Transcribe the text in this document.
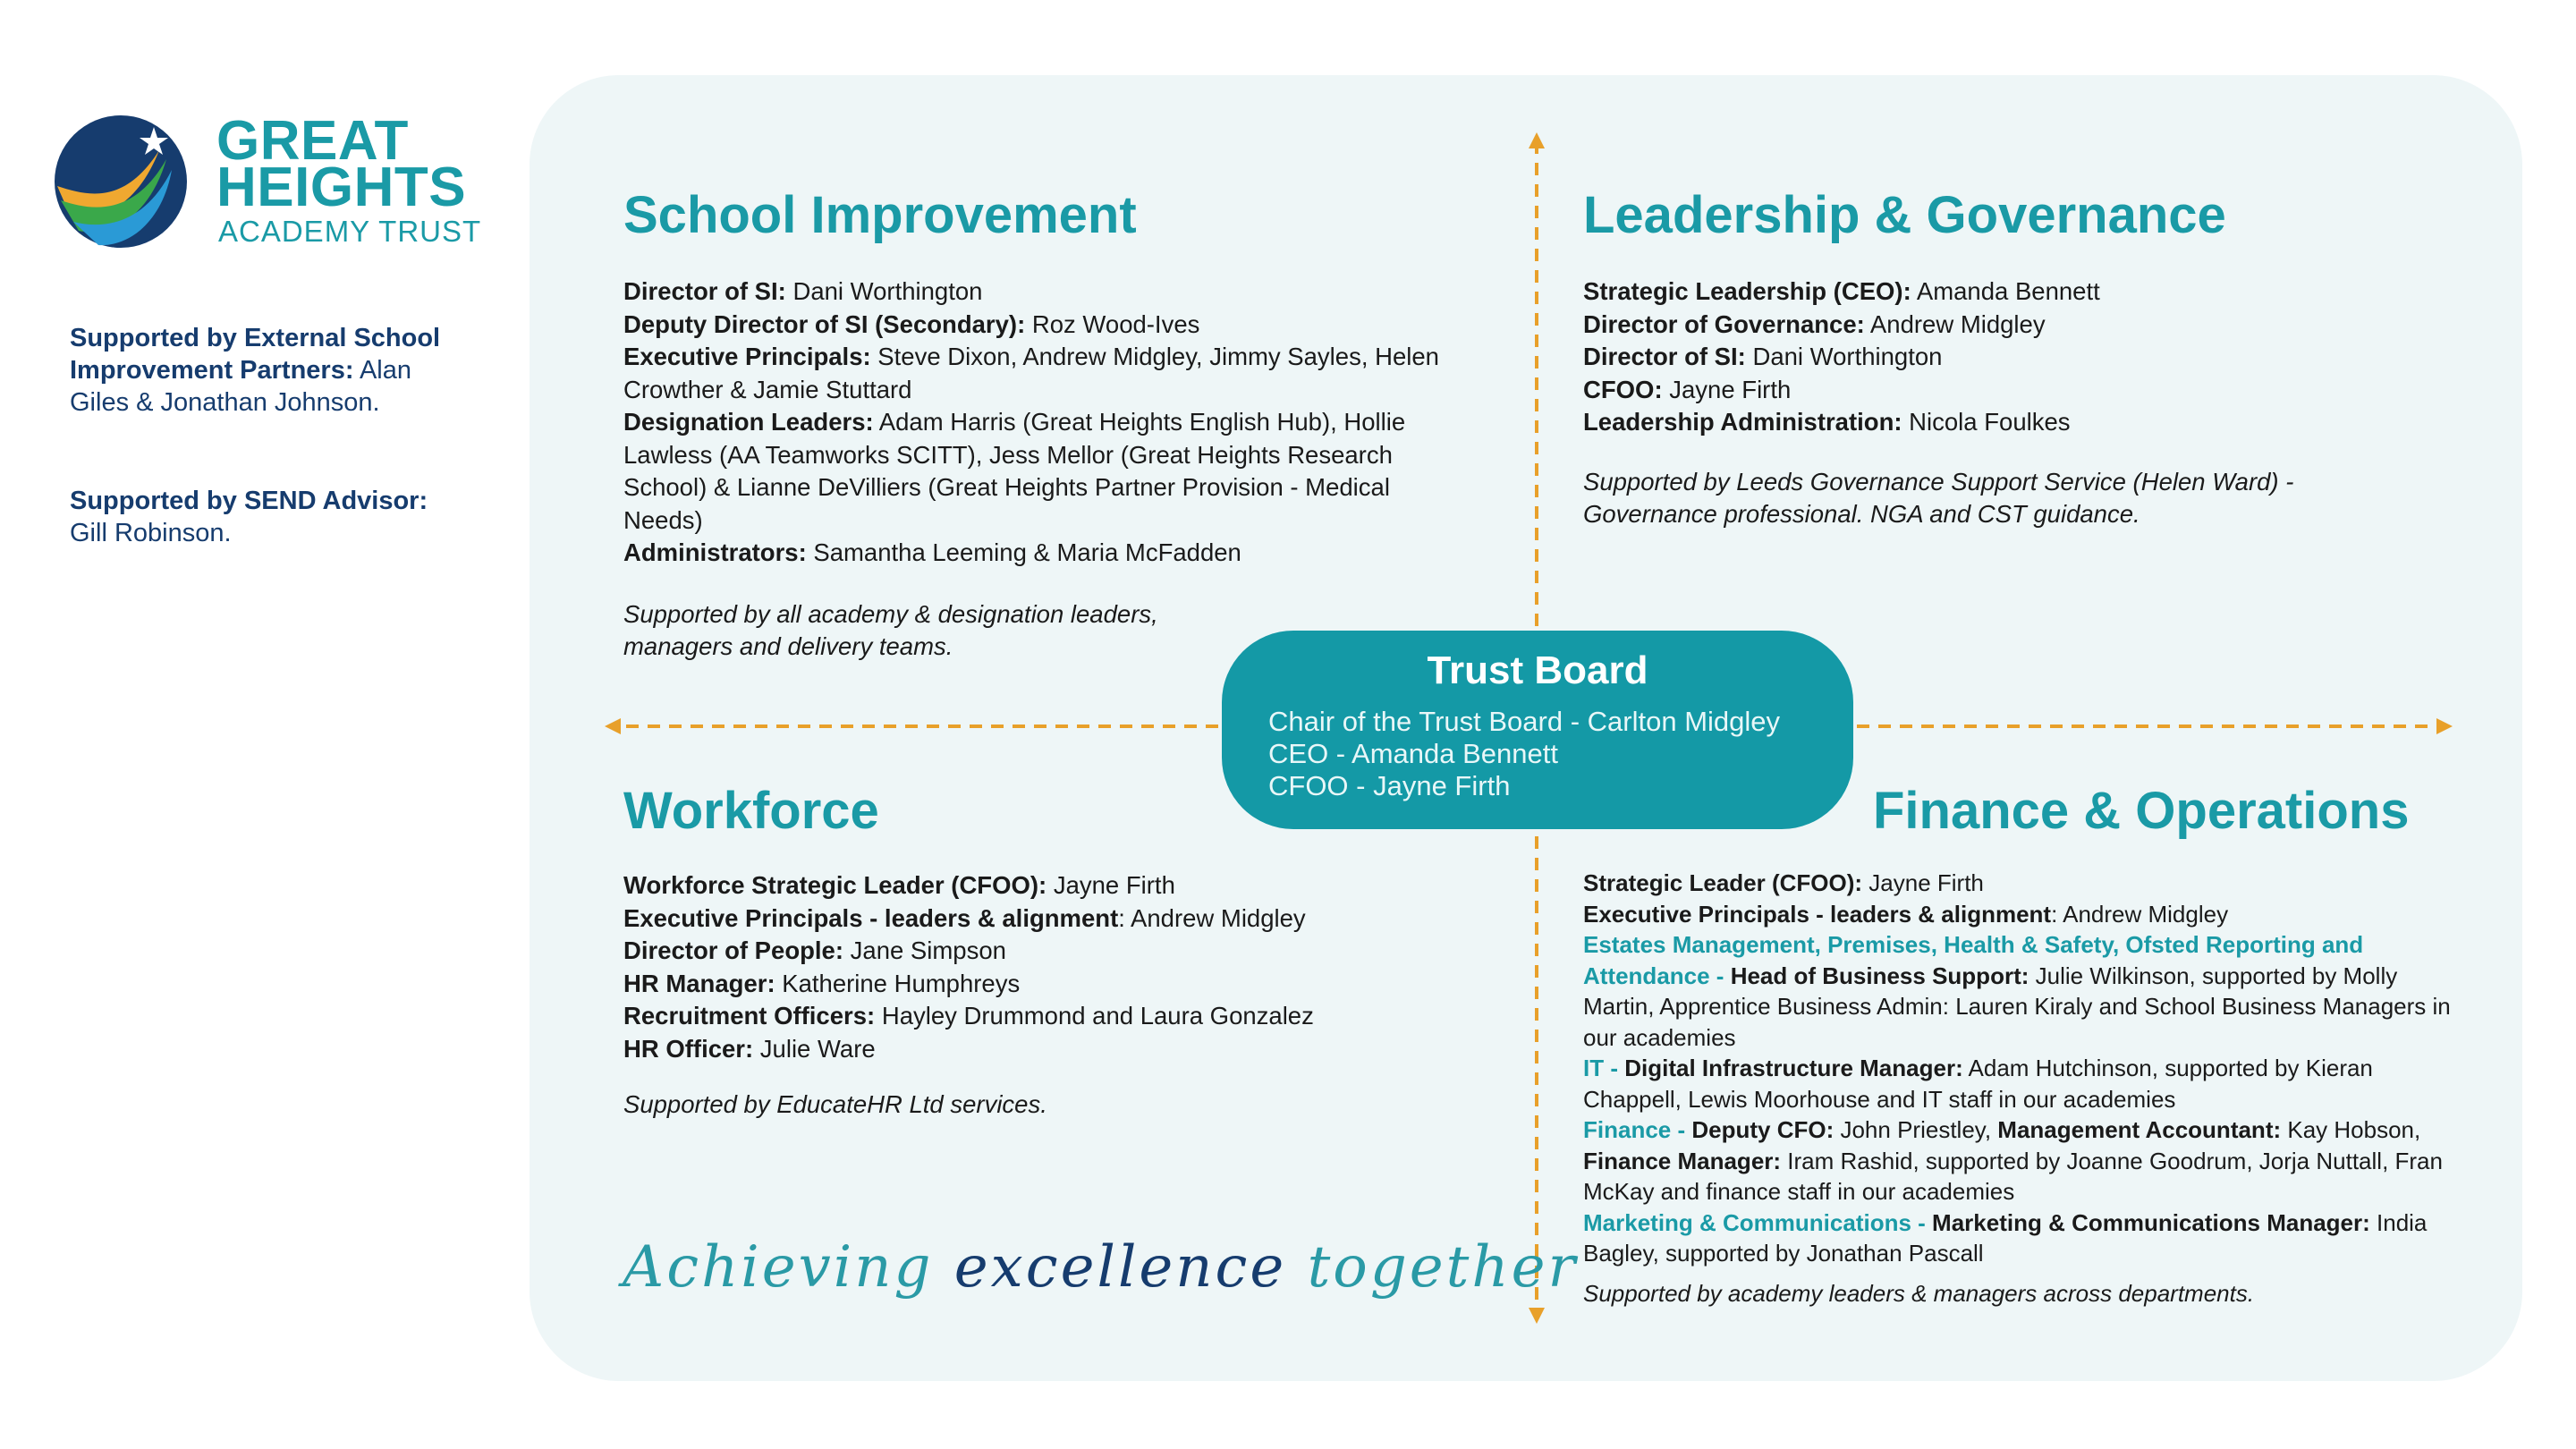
GREAT
HEIGHTS
ACADEMY TRUST
Supported by External School Improvement Partners: Alan Giles & Jonathan Johnson.
Supported by SEND Advisor:
Gill Robinson.
School Improvement
Director of SI: Dani Worthington
Deputy Director of SI (Secondary): Roz Wood-Ives
Executive Principals: Steve Dixon, Andrew Midgley, Jimmy Sayles, Helen Crowther & Jamie Stuttard
Designation Leaders: Adam Harris (Great Heights English Hub), Hollie Lawless (AA Teamworks SCITT), Jess Mellor (Great Heights Research School) & Lianne DeVilliers (Great Heights Partner Provision - Medical Needs)
Administrators: Samantha Leeming & Maria McFadden
Supported by all academy & designation leaders, managers and delivery teams.
Leadership & Governance
Strategic Leadership (CEO): Amanda Bennett
Director of Governance: Andrew Midgley
Director of SI: Dani Worthington
CFOO: Jayne Firth
Leadership Administration: Nicola Foulkes
Supported by Leeds Governance Support Service (Helen Ward) - Governance professional. NGA and CST guidance.
Trust Board
Chair of the Trust Board - Carlton Midgley
CEO - Amanda Bennett
CFOO - Jayne Firth
Workforce
Workforce Strategic Leader (CFOO): Jayne Firth
Executive Principals - leaders & alignment: Andrew Midgley
Director of People: Jane Simpson
HR Manager: Katherine Humphreys
Recruitment Officers: Hayley Drummond and Laura Gonzalez
HR Officer: Julie Ware
Supported by EducateHR Ltd services.
Finance & Operations
Strategic Leader (CFOO): Jayne Firth
Executive Principals - leaders & alignment: Andrew Midgley
Estates Management, Premises, Health & Safety, Ofsted Reporting and Attendance - Head of Business Support: Julie Wilkinson, supported by Molly Martin, Apprentice Business Admin: Lauren Kiraly and School Business Managers in our academies
IT - Digital Infrastructure Manager: Adam Hutchinson, supported by Kieran Chappell, Lewis Moorhouse and IT staff in our academies
Finance - Deputy CFO: John Priestley, Management Accountant: Kay Hobson, Finance Manager: Iram Rashid, supported by Joanne Goodrum, Jorja Nuttall, Fran McKay and finance staff in our academies
Marketing & Communications - Marketing & Communications Manager: India Bagley, supported by Jonathan Pascall
Supported by academy leaders & managers across departments.
Achieving excellence together
